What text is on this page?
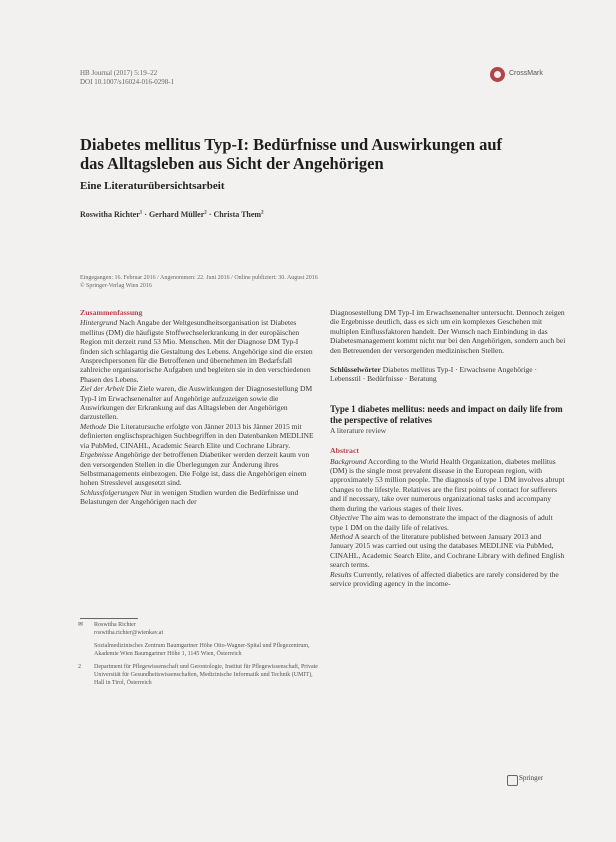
HB Journal (2017) 5:19–22
DOI 10.1007/s16024-016-0298-1
CrossMark
Diabetes mellitus Typ-I: Bedürfnisse und Auswirkungen auf das Alltagsleben aus Sicht der Angehörigen
Eine Literaturübersichtsarbeit
Roswitha Richter$^1$ · Gerhard Müller$^2$ · Christa Them$^2$
Eingegangen: 16. Februar 2016 / Angenommen: 22. Juni 2016 / Online publiziert: 30. August 2016
© Springer-Verlag Wien 2016
Zusammenfassung
Hintergrund Nach Angabe der Weltgesundheitsorganisation ist Diabetes mellitus (DM) die häufigste Stoffwechselerkrankung in der europäischen Region mit derzeit rund 53 Mio. Menschen. Mit der Diagnose DM Typ-I finden sich schlagartig die Gestaltung des Lebens. Angehörige sind die ersten Ansprechpersonen für die Betroffenen und übernehmen im Bedarfsfall zahlreiche organisatorische Aufgaben und begleiten sie in den verschiedenen Phasen des Lebens.
Ziel der Arbeit Die Ziele waren, die Auswirkungen der Diagnosestellung DM Typ-I im Erwachsenenalter auf Angehörige aufzuzeigen sowie die Auswirkungen der Erkrankung auf das Alltagsleben der Angehörigen darzustellen.
Methode Die Literatursuche erfolgte von Jänner 2013 bis Jänner 2015 mit definierten englischsprachigen Suchbegriffen in den Datenbanken MEDLINE via PubMed, CINAHL, Academic Search Elite und Cochrane Library.
Ergebnisse Angehörige der betroffenen Diabetiker werden derzeit kaum von den versorgenden Stellen in die Überlegungen zur Änderung ihres Selbstmanagements einbezogen. Die Folge ist, dass die Angehörigen einem hohen Stresslevel ausgesetzt sind.
Schlussfolgerungen Nur in wenigen Studien wurden die Bedürfnisse und Belastungen der Angehörigen nach der
✉ Roswitha Richter
roswitha.richter@wienkav.at
Sozialmedizinisches Zentrum Baumgartner Höhe Otto-Wagner-Spital und Pflegezentrum, Akademie Wien Baumgartner Höhe 1, 1145 Wien, Österreich
2	Department für Pflegewissenschaft und Gerontologie, Institut für Pflegewissenschaft, Private Universität für Gesundheitswissenschaften, Medizinische Informatik und Technik (UMIT), Hall in Tirol, Österreich
Diagnosestellung DM Typ-I im Erwachsenenalter untersucht. Dennoch zeigen die Ergebnisse deutlich, dass es sich um ein komplexes Geschehen mit multiplen Einflussfaktoren handelt. Der Wunsch nach Einbindung in das Diabetesmanagement kommt nicht nur bei den Angehörigen, sondern auch bei den Betreuenden der versorgenden medizinischen Stellen.
Schlüsselwörter Diabetes mellitus Typ-I · Erwachsene Angehörige · Lebensstil · Bedürfnisse · Beratung
Type 1 diabetes mellitus: needs and impact on daily life from the perspective of relatives
A literature review
Abstract
Background According to the World Health Organization, diabetes mellitus (DM) is the single most prevalent disease in the European region, with approximately 53 million people. The diagnosis of type 1 DM involves abrupt changes to the lifestyle. Relatives are the first points of contact for sufferers and if necessary, take over numerous organizational tasks and accompany them during the various stages of their lives.
Objective The aim was to demonstrate the impact of the diagnosis of adult type 1 DM on the daily life of relatives.
Method A search of the literature published between January 2013 and January 2015 was carried out using the databases MEDLINE via PubMed, CINAHL, Academic Search Elite, and Cochrane Library with defined English search terms.
Results Currently, relatives of affected diabetics are rarely considered by the service providing agency in the income-
Springer
